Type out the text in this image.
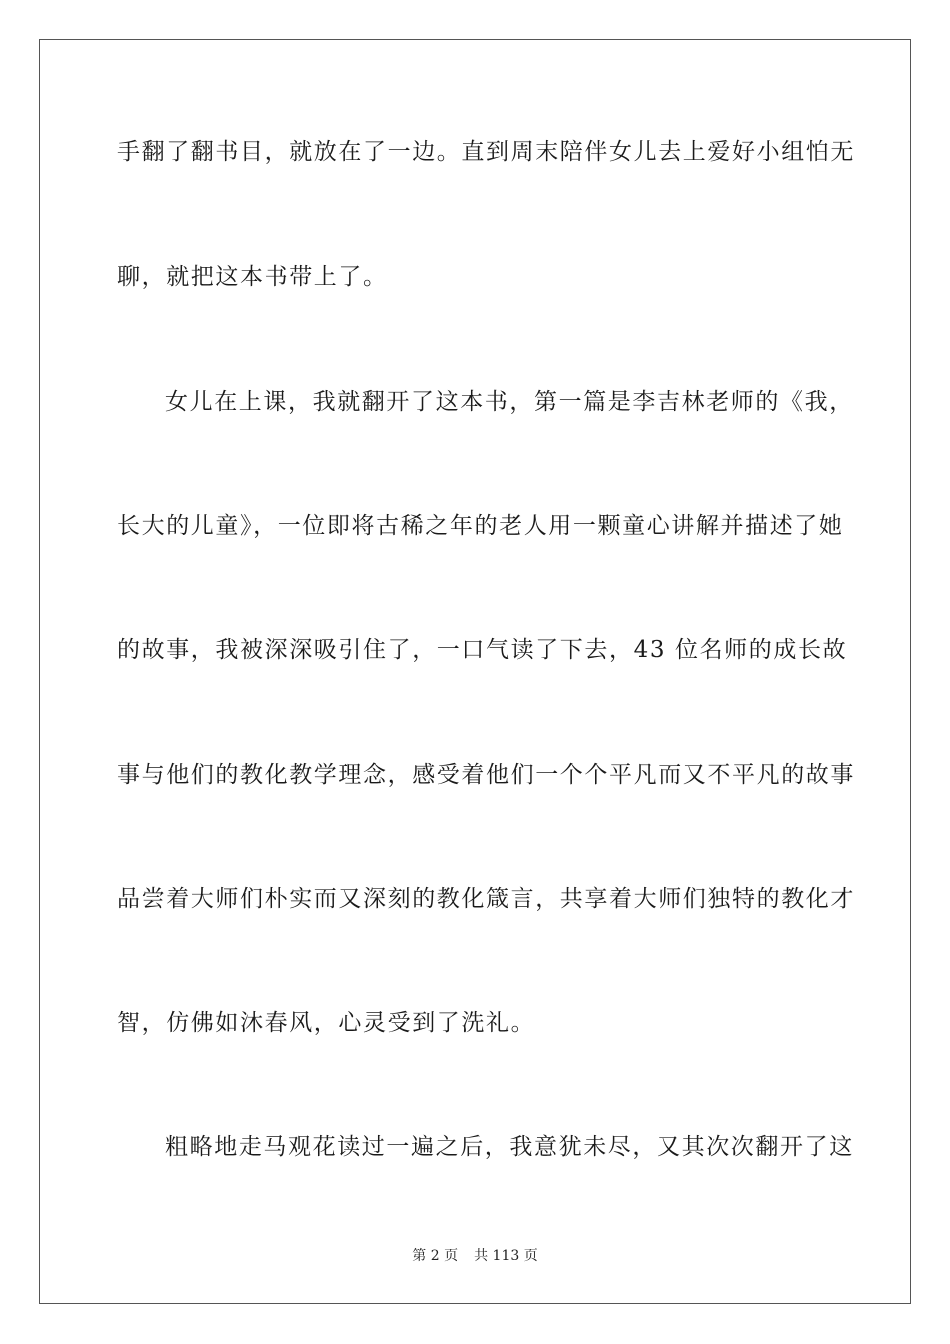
手翻了翻书目，就放在了一边。直到周末陪伴女儿去上爱好小组怕无
聊，就把这本书带上了。
女儿在上课，我就翻开了这本书，第一篇是李吉林老师的《我，
长大的儿童》，一位即将古稀之年的老人用一颗童心讲解并描述了她
的故事，我被深深吸引住了，一口气读了下去，43 位名师的成长故
事与他们的教化教学理念，感受着他们一个个平凡而又不平凡的故事
品尝着大师们朴实而又深刻的教化箴言，共享着大师们独特的教化才
智，仿佛如沐春风，心灵受到了洗礼。
粗略地走马观花读过一遍之后，我意犹未尽，又其次次翻开了这
第 2 页 共 113 页
